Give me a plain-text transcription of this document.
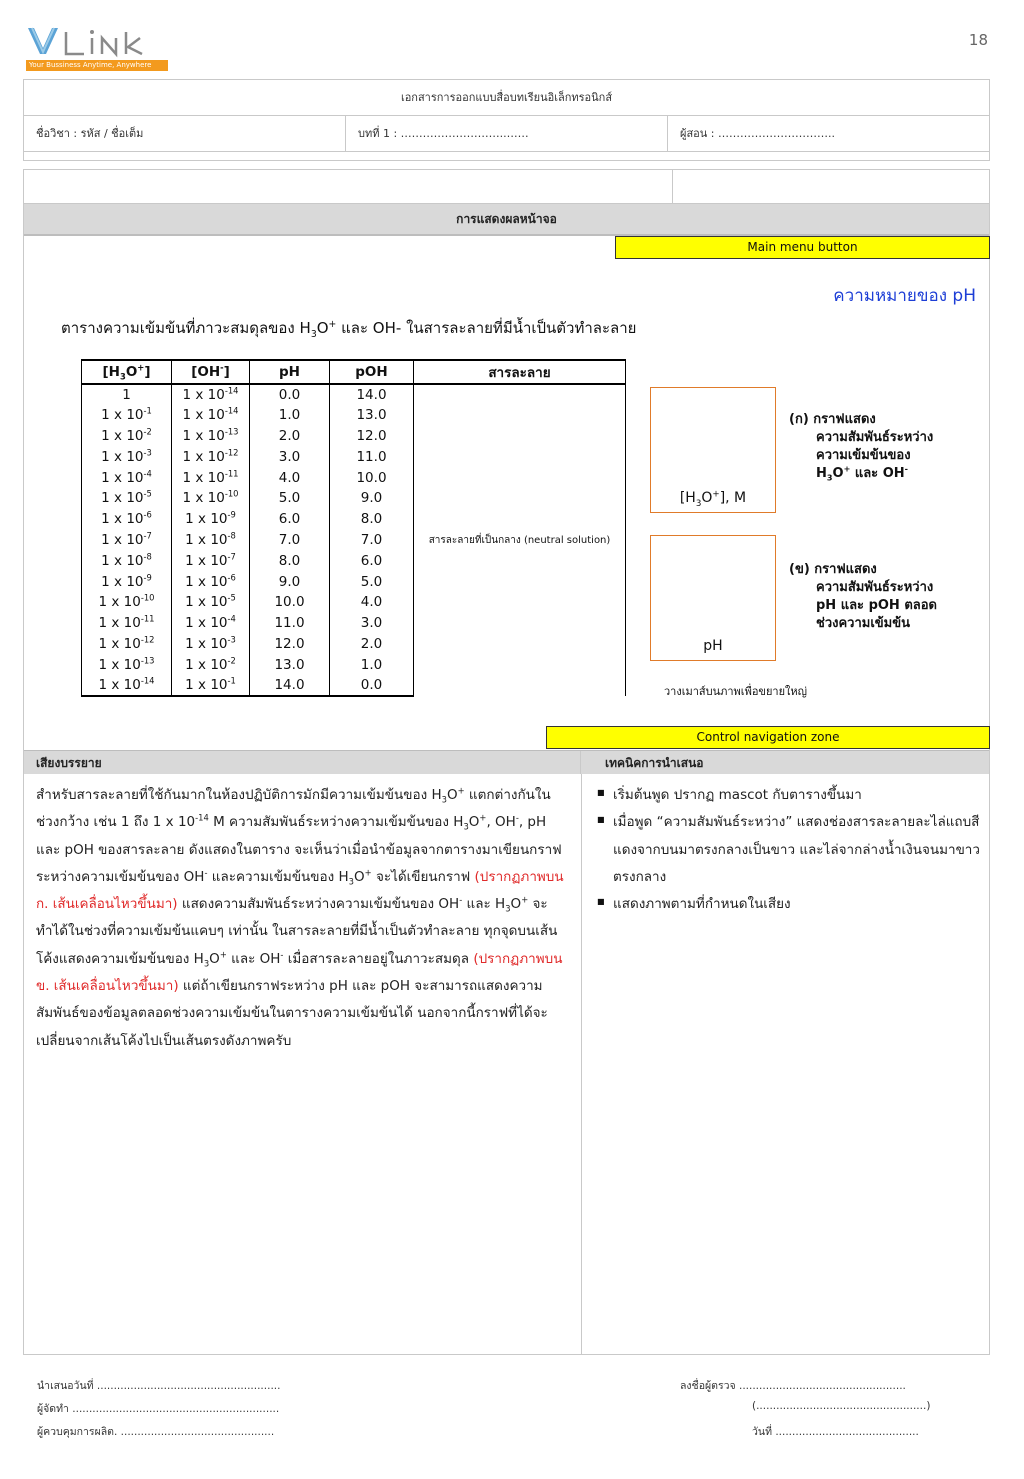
Your Bussiness Anytime, Anywhere
18
เอกสารการออกแบบสื่อบทเรียนอิเล็กทรอนิกส์
ชื่อวิชา : รหัส / ชื่อเต็ม	บทที่ 1 : ………………………..……	ผู้สอน : …………………………..
การแสดงผลหน้าจอ
Main menu button
ความหมายของ pH
ตารางความเข้มข้นที่ภาวะสมดุลของ $H_3O^+$ และ OH- ในสารละลายที่มีน้ำเป็นตัวทำละลาย
$[H_3O^+]$	[OH-]	pH	pOH	สารละลาย
1	1 x $10^{-14}$	0.0	14.0	สารละลายที่เป็นกลาง (neutral solution)
1 x $10^{-1}$	1 x $10^{-14}$	1.0	13.0	
1 x $10^{-2}$	1 x $10^{-13}$	2.0	12.0	
1 x $10^{-3}$	1 x $10^{-12}$	3.0	11.0	
1 x $10^{-4}$	1 x $10^{-11}$	4.0	10.0	
1 x $10^{-5}$	1 x $10^{-10}$	5.0	9.0	
1 x $10^{-6}$	1 x $10^{-9}$	6.0	8.0	
1 x $10^{-7}$	1 x $10^{-8}$	7.0	7.0	
1 x $10^{-8}$	1 x $10^{-7}$	8.0	6.0	
1 x $10^{-9}$	1 x $10^{-6}$	9.0	5.0	
1 x $10^{-10}$	1 x $10^{-5}$	10.0	4.0	
1 x $10^{-11}$	1 x $10^{-4}$	11.0	3.0	
1 x $10^{-12}$	1 x $10^{-3}$	12.0	2.0	
1 x $10^{-13}$	1 x $10^{-2}$	13.0	1.0	
1 x $10^{-14}$	1 x $10^{-1}$	14.0	0.0	
$[H_3O^+]$, M
(ก) กราฟแสดง
ความสัมพันธ์ระหว่าง
ความเข้มข้นของ
$H_3O^+$ และ OH-
pH
(ข) กราฟแสดง
ความสัมพันธ์ระหว่าง
pH และ pOH ตลอด
ช่วงความเข้มข้น
วางเมาส์บนภาพเพื่อขยายใหญ่
Control navigation zone
เสียงบรรยาย	เทคนิคการนำเสนอ
สำหรับสารละลายที่ใช้กันมากในห้องปฏิบัติการมักมีความเข้มข้นของ $H_3O^+$ แตกต่างกันในช่วงกว้าง เช่น 1 ถึง 1 x $10^{-14}$ M ความสัมพันธ์ระหว่างความเข้มข้นของ $H_3O^+$, OH-, pH และ pOH ของสารละลาย ดังแสดงในตาราง จะเห็นว่าเมื่อนำข้อมูลจากตารางมาเขียนกราฟระหว่างความเข้มข้นของ OH- และความเข้มข้นของ $H_3O^+$ จะได้เขียนกราฟ (ปรากฏภาพบน ก. เส้นเคลื่อนไหวขึ้นมา) แสดงความสัมพันธ์ระหว่างความเข้มข้นของ OH- และ $H_3O^+$ จะทำได้ในช่วงที่ความเข้มข้นแคบๆ เท่านั้น ในสารละลายที่มีน้ำเป็นตัวทำละลาย ทุกจุดบนเส้นโค้งแสดงความเข้มข้นของ $H_3O^+$ และ OH- เมื่อสารละลายอยู่ในภาวะสมดุล (ปรากฏภาพบน ข. เส้นเคลื่อนไหวขึ้นมา) แต่ถ้าเขียนกราฟระหว่าง pH และ pOH จะสามารถแสดงความสัมพันธ์ของข้อมูลตลอดช่วงความเข้มข้นในตารางความเข้มข้นได้ นอกจากนี้กราฟที่ได้จะเปลี่ยนจากเส้นโค้งไปเป็นเส้นตรงดังภาพครับ
■ เริ่มต้นพูด ปรากฏ mascot กับตารางขึ้นมา
■ เมื่อพูด “ความสัมพันธ์ระหว่าง” แสดงช่องสารละลายละไล่แถบสีแดงจากบนมาตรงกลางเป็นขาว และไล่จากล่างน้ำเงินจนมาขาวตรงกลาง
■ แสดงภาพตามที่กำหนดในเสียง
นำเสนอวันที่ .......................................................
ผู้จัดทำ ..............................................................
ผู้ควบคุมการผลิต. ..............................................
ลงชื่อผู้ตรวจ ..................................................
(...................................................)
วันที่ ...........................................
